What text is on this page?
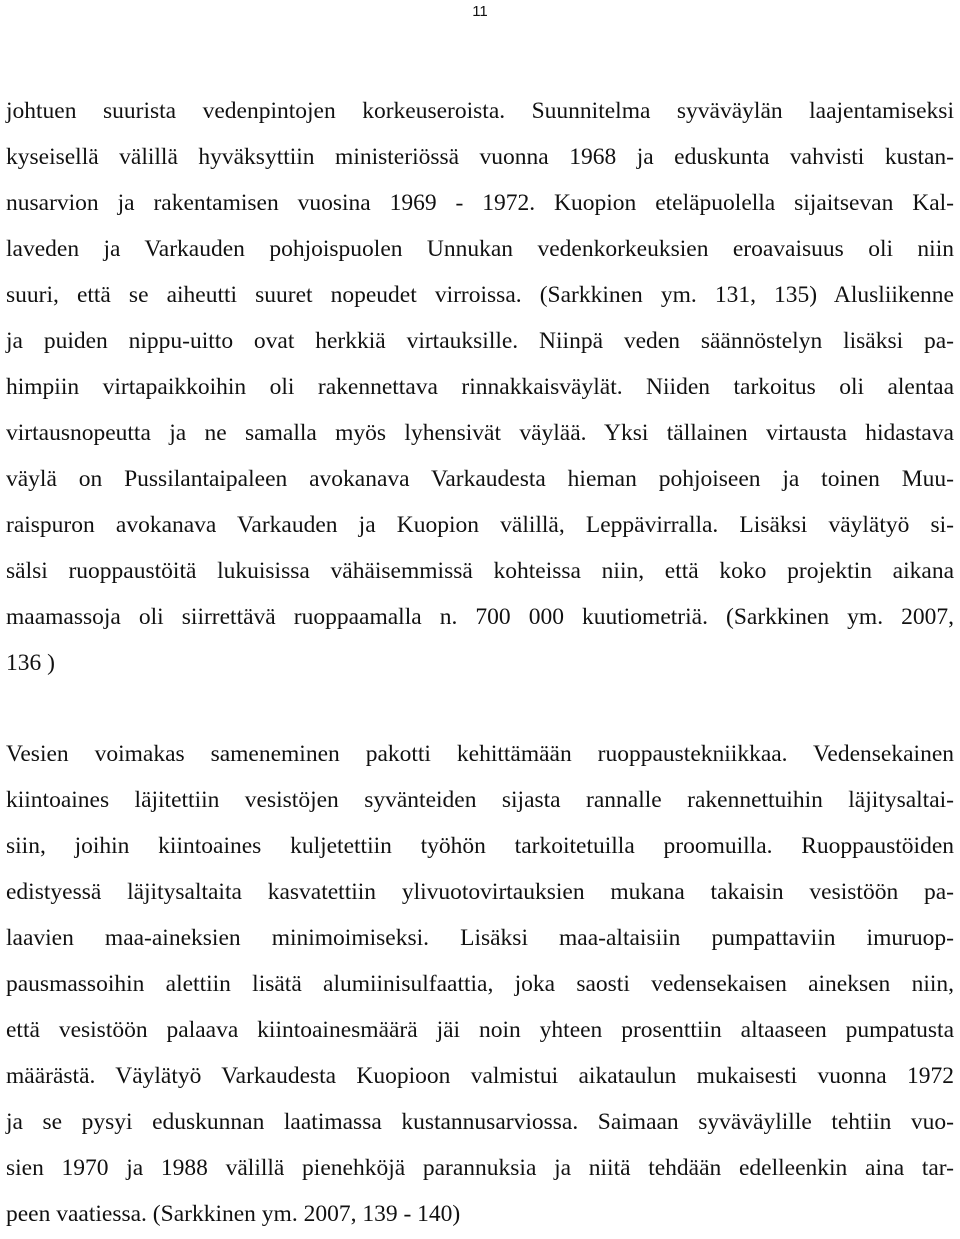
11
johtuen suurista vedenpintojen korkeuseroista. Suunnitelma syväväylän laajentamiseksi
kyseisellä välillä hyväksyttiin ministeriössä vuonna 1968 ja eduskunta vahvisti kustan-
nusarvion ja rakentamisen vuosina 1969 - 1972. Kuopion eteläpuolella sijaitsevan Kal-
laveden ja Varkauden pohjoispuolen Unnukan vedenkorkeuksien eroavaisuus oli niin
suuri, että se aiheutti suuret nopeudet virroissa. (Sarkkinen ym. 131, 135) Alusliikenne
ja puiden nippu-uitto ovat herkkiä virtauksille. Niinpä veden säännöstelyn lisäksi pa-
himpiin virtapaikkoihin oli rakennettava rinnakkaisväylät. Niiden tarkoitus oli alentaa
virtausnopeutta ja ne samalla myös lyhensivät väylää. Yksi tällainen virtausta hidastava
väylä on Pussilantaipaleen avokanava Varkaudesta hieman pohjoiseen ja toinen Muu-
raispuron avokanava Varkauden ja Kuopion välillä, Leppävirralla. Lisäksi väylätyö si-
sälsi ruoppaustöitä lukuisissa vähäisemmissä kohteissa niin, että koko projektin aikana
maamassoja oli siirrettävä ruoppaamalla n. 700 000 kuutiometriä. (Sarkkinen ym. 2007,
136 )
Vesien voimakas sameneminen pakotti kehittämään ruoppaustekniikkaa. Vedensekainen
kiintoaines läjitettiin vesistöjen syvänteiden sijasta rannalle rakennettuihin läjitysaltai-
siin, joihin kiintoaines kuljetettiin työhön tarkoitetuilla proomuilla. Ruoppaustöiden
edistyessä läjitysaltaita kasvatettiin ylivuotovirtauksien mukana takaisin vesistöön pa-
laavien maa-aineksien minimoimiseksi. Lisäksi maa-altaisiin pumpattaviin imuruop-
pausmassoihin alettiin lisätä alumiinisulfaattia, joka saosti vedensekaisen aineksen niin,
että vesistöön palaava kiintoainesmäärä jäi noin yhteen prosenttiin altaaseen pumpatusta
määrästä. Väylätyö Varkaudesta Kuopioon valmistui aikataulun mukaisesti vuonna 1972
ja se pysyi eduskunnan laatimassa kustannusarviossa. Saimaan syväväylille tehtiin vuo-
sien 1970 ja 1988 välillä pienehköjä parannuksia ja niitä tehdään edelleenkin aina tar-
peen vaatiessa. (Sarkkinen ym. 2007, 139 - 140)
